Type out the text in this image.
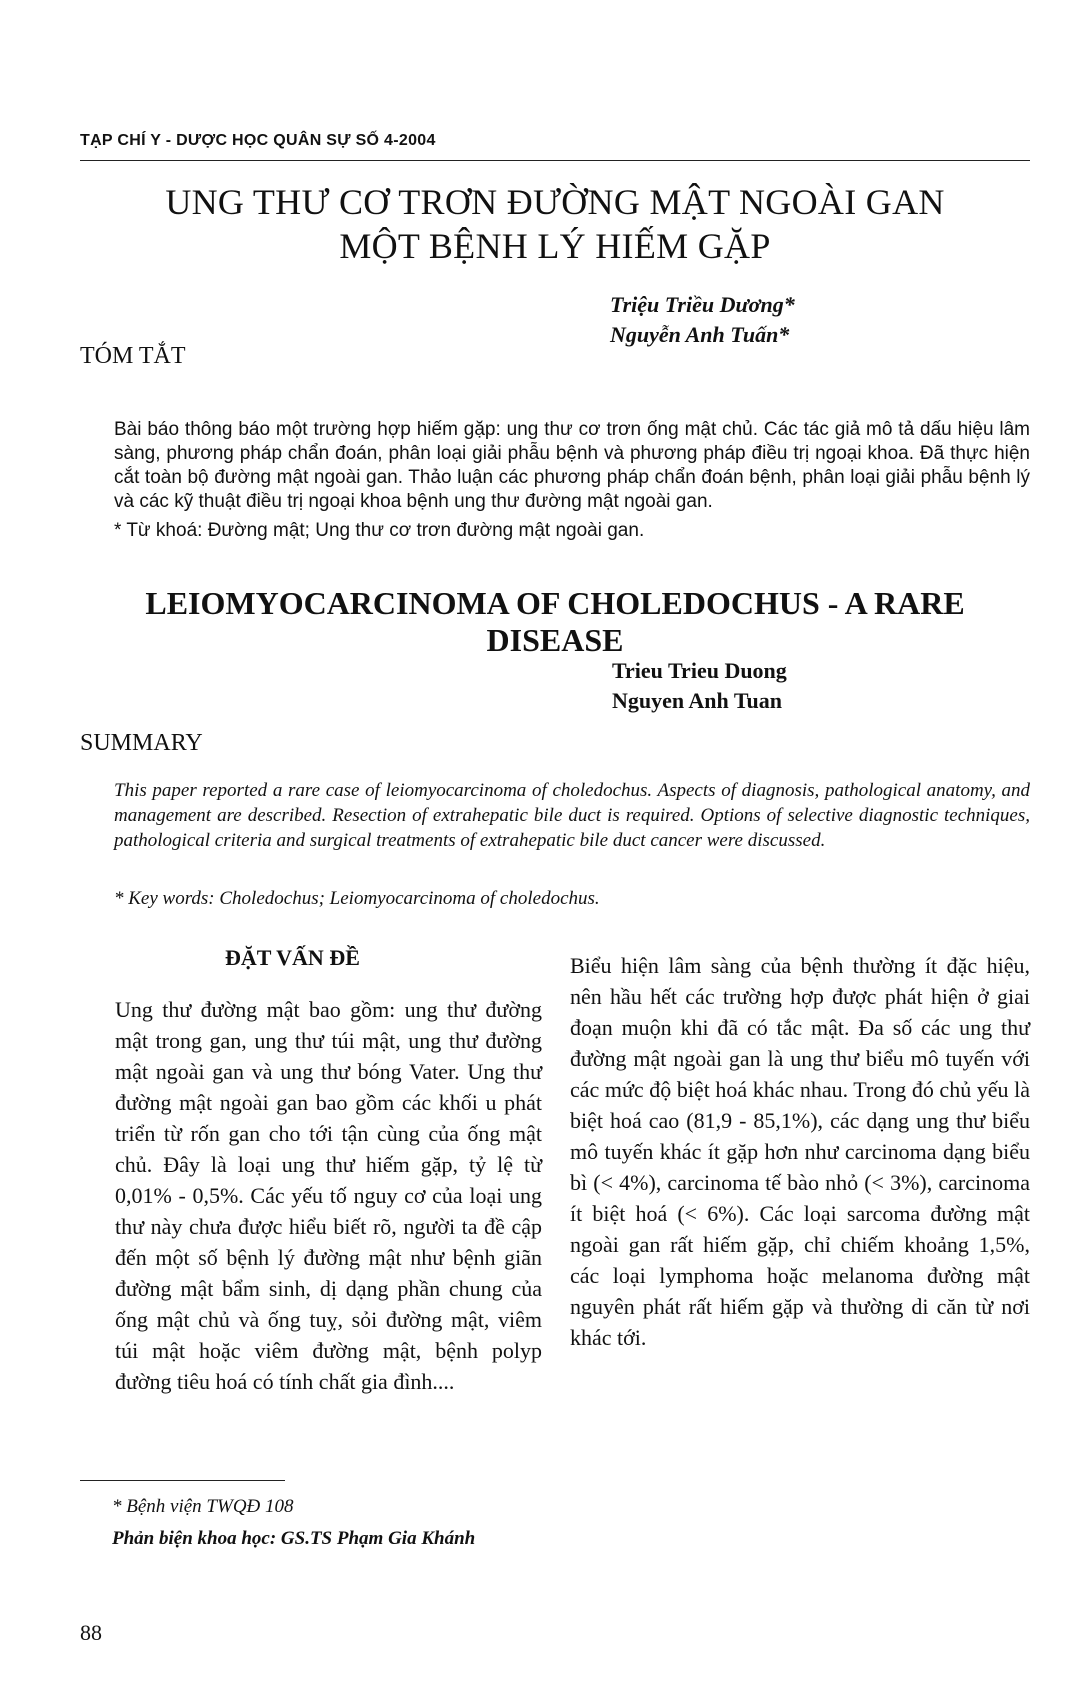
TẠP CHÍ Y - DƯỢC HỌC QUÂN SỰ SỐ 4-2004
UNG THƯ CƠ TRƠN ĐƯỜNG MẬT NGOÀI GAN
MỘT BỆNH LÝ HIẾM GẶP
Triệu Triều Dương*
Nguyễn Anh Tuấn*
TÓM TẮT
Bài báo thông báo một trường hợp hiếm gặp: ung thư cơ trơn ống mật chủ. Các tác giả mô tả dấu hiệu lâm sàng, phương pháp chẩn đoán, phân loại giải phẫu bệnh và phương pháp điều trị ngoại khoa. Đã thực hiện cắt toàn bộ đường mật ngoài gan. Thảo luận các phương pháp chẩn đoán bệnh, phân loại giải phẫu bệnh lý và các kỹ thuật điều trị ngoại khoa bệnh ung thư đường mật ngoài gan.
* Từ khoá: Đường mật; Ung thư cơ trơn đường mật ngoài gan.
LEIOMYOCARCINOMA OF CHOLEDOCHUS - A RARE DISEASE
Trieu Trieu Duong
Nguyen Anh Tuan
SUMMARY
This paper reported a rare case of leiomyocarcinoma of choledochus. Aspects of diagnosis, pathological anatomy, and management are described. Resection of extrahepatic bile duct is required. Options of selective diagnostic techniques, pathological criteria and surgical treatments of extrahepatic bile duct cancer were discussed.
* Key words: Choledochus; Leiomyocarcinoma of choledochus.
ĐẶT VẤN ĐỀ
Ung thư đường mật bao gồm: ung thư đường mật trong gan, ung thư túi mật, ung thư đường mật ngoài gan và ung thư bóng Vater. Ung thư đường mật ngoài gan bao gồm các khối u phát triển từ rốn gan cho tới tận cùng của ống mật chủ. Đây là loại ung thư hiếm gặp, tỷ lệ từ 0,01% - 0,5%. Các yếu tố nguy cơ của loại ung thư này chưa được hiểu biết rõ, người ta đề cập đến một số bệnh lý đường mật như bệnh giãn đường mật bẩm sinh, dị dạng phần chung của ống mật chủ và ống tuỵ, sỏi đường mật, viêm túi mật hoặc viêm đường mật, bệnh polyp đường tiêu hoá có tính chất gia đình....
Biểu hiện lâm sàng của bệnh thường ít đặc hiệu, nên hầu hết các trường hợp được phát hiện ở giai đoạn muộn khi đã có tắc mật. Đa số các ung thư đường mật ngoài gan là ung thư biểu mô tuyến với các mức độ biệt hoá khác nhau. Trong đó chủ yếu là biệt hoá cao (81,9 - 85,1%), các dạng ung thư biểu mô tuyến khác ít gặp hơn như carcinoma dạng biểu bì (< 4%), carcinoma tế bào nhỏ (< 3%), carcinoma ít biệt hoá (< 6%). Các loại sarcoma đường mật ngoài gan rất hiếm gặp, chỉ chiếm khoảng 1,5%, các loại lymphoma hoặc melanoma đường mật nguyên phát rất hiếm gặp và thường di căn từ nơi khác tới.
* Bệnh viện TWQĐ 108
Phản biện khoa học: GS.TS Phạm Gia Khánh
88
